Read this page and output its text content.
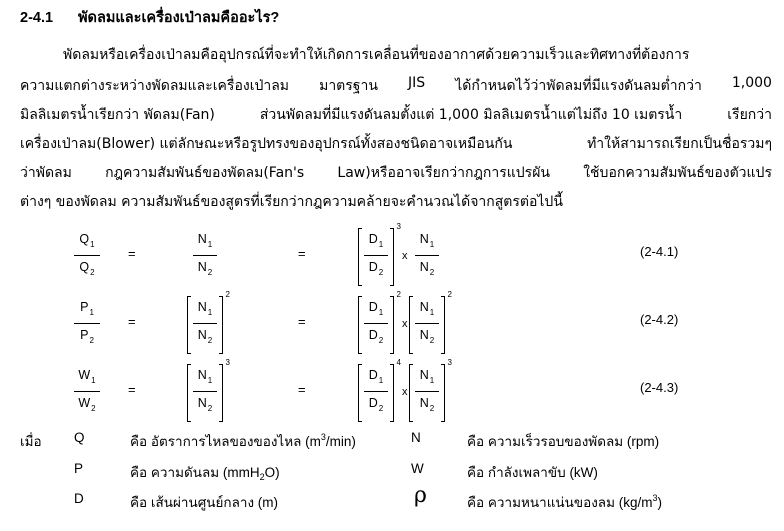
2-4.1 พัดลมและเครื่องเป่าลมคืออะไร?
พัดลมหรือเครื่องเป่าลมคืออุปกรณ์ที่จะทำให้เกิดการเคลื่อนที่ของอากาศด้วยความเร็วและทิศทางที่ต้องการ
ความแตกต่างระหว่างพัดลมและเครื่องเป่าลม มาตรฐาน JIS ได้กำหนดไว้ว่าพัดลมที่มีแรงดันลมต่ำกว่า 1,000
มิลลิเมตรน้ำเรียกว่า พัดลม(Fan)	ส่วนพัดลมที่มีแรงดันลมตั้งแต่ 1,000 มิลลิเมตรน้ำแต่ไม่ถึง 10 เมตรน้ำ	เรียกว่า
เครื่องเป่าลม(Blower) แต่ลักษณะหรือรูปทรงของอุปกรณ์ทั้งสองชนิดอาจเหมือนกัน	ทำให้สามารถเรียกเป็นชื่อรวมๆ
ว่าพัดลม กฎความสัมพันธ์ของพัดลม(Fan's Law)หรืออาจเรียกว่ากฎการแปรผัน ใช้บอกความสัมพันธ์ของตัวแปร
ต่างๆ ของพัดลม ความสัมพันธ์ของสูตรที่เรียกว่ากฎความคล้ายจะคำนวณได้จากสูตรต่อไปนี้
$Q_1$
$Q_2$
=
$N_1$
$N_2$
=
$D_1$
$D_2$
3
x
$N_1$
$N_2$
(2-4.1)
$P_1$
$P_2$
=
$N_1$
$N_2$
2
=
$D_1$
$D_2$
2
x
$N_1$
$N_2$
2
(2-4.2)
$W_1$
$W_2$
=
$N_1$
$N_2$
3
=
$D_1$
$D_2$
4
x
$N_1$
$N_2$
3
(2-4.3)
เมื่อ Q	คือ อัตราการไหลของของไหล $(m^3/\min)$	N	คือ ความเร็วรอบของพัดลม (rpm)
P	คือ ความดันลม (mmH$_2$O)	W	คือ กำลังเพลาขับ (kW)
D	คือ เส้นผ่านศูนย์กลาง (m)	ρ	คือ ความหนาแน่นของลม $(kg/m^3)$
